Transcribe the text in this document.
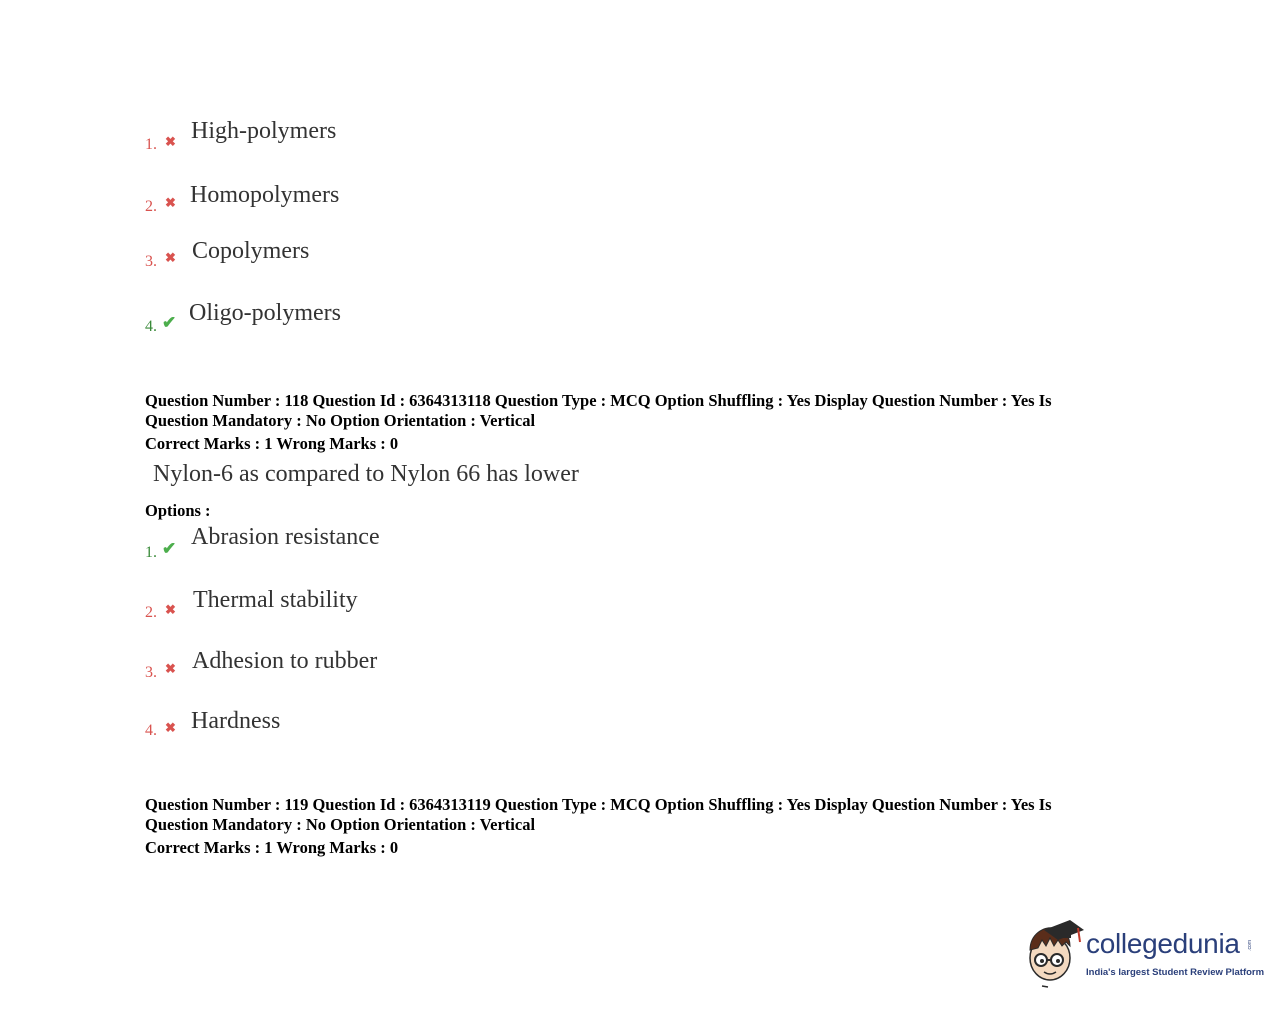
1. ✖ High-polymers
2. ✖ Homopolymers
3. ✖ Copolymers
4. ✔ Oligo-polymers
Question Number : 118 Question Id : 6364313118 Question Type : MCQ Option Shuffling : Yes Display Question Number : Yes Is
Question Mandatory : No Option Orientation : Vertical
Correct Marks : 1 Wrong Marks : 0
Nylon-6 as compared to Nylon 66 has lower
Options :
1. ✔ Abrasion resistance
2. ✖ Thermal stability
3. ✖ Adhesion to rubber
4. ✖ Hardness
Question Number : 119 Question Id : 6364313119 Question Type : MCQ Option Shuffling : Yes Display Question Number : Yes Is
Question Mandatory : No Option Orientation : Vertical
Correct Marks : 1 Wrong Marks : 0
collegedunia .com
India's largest Student Review Platform
